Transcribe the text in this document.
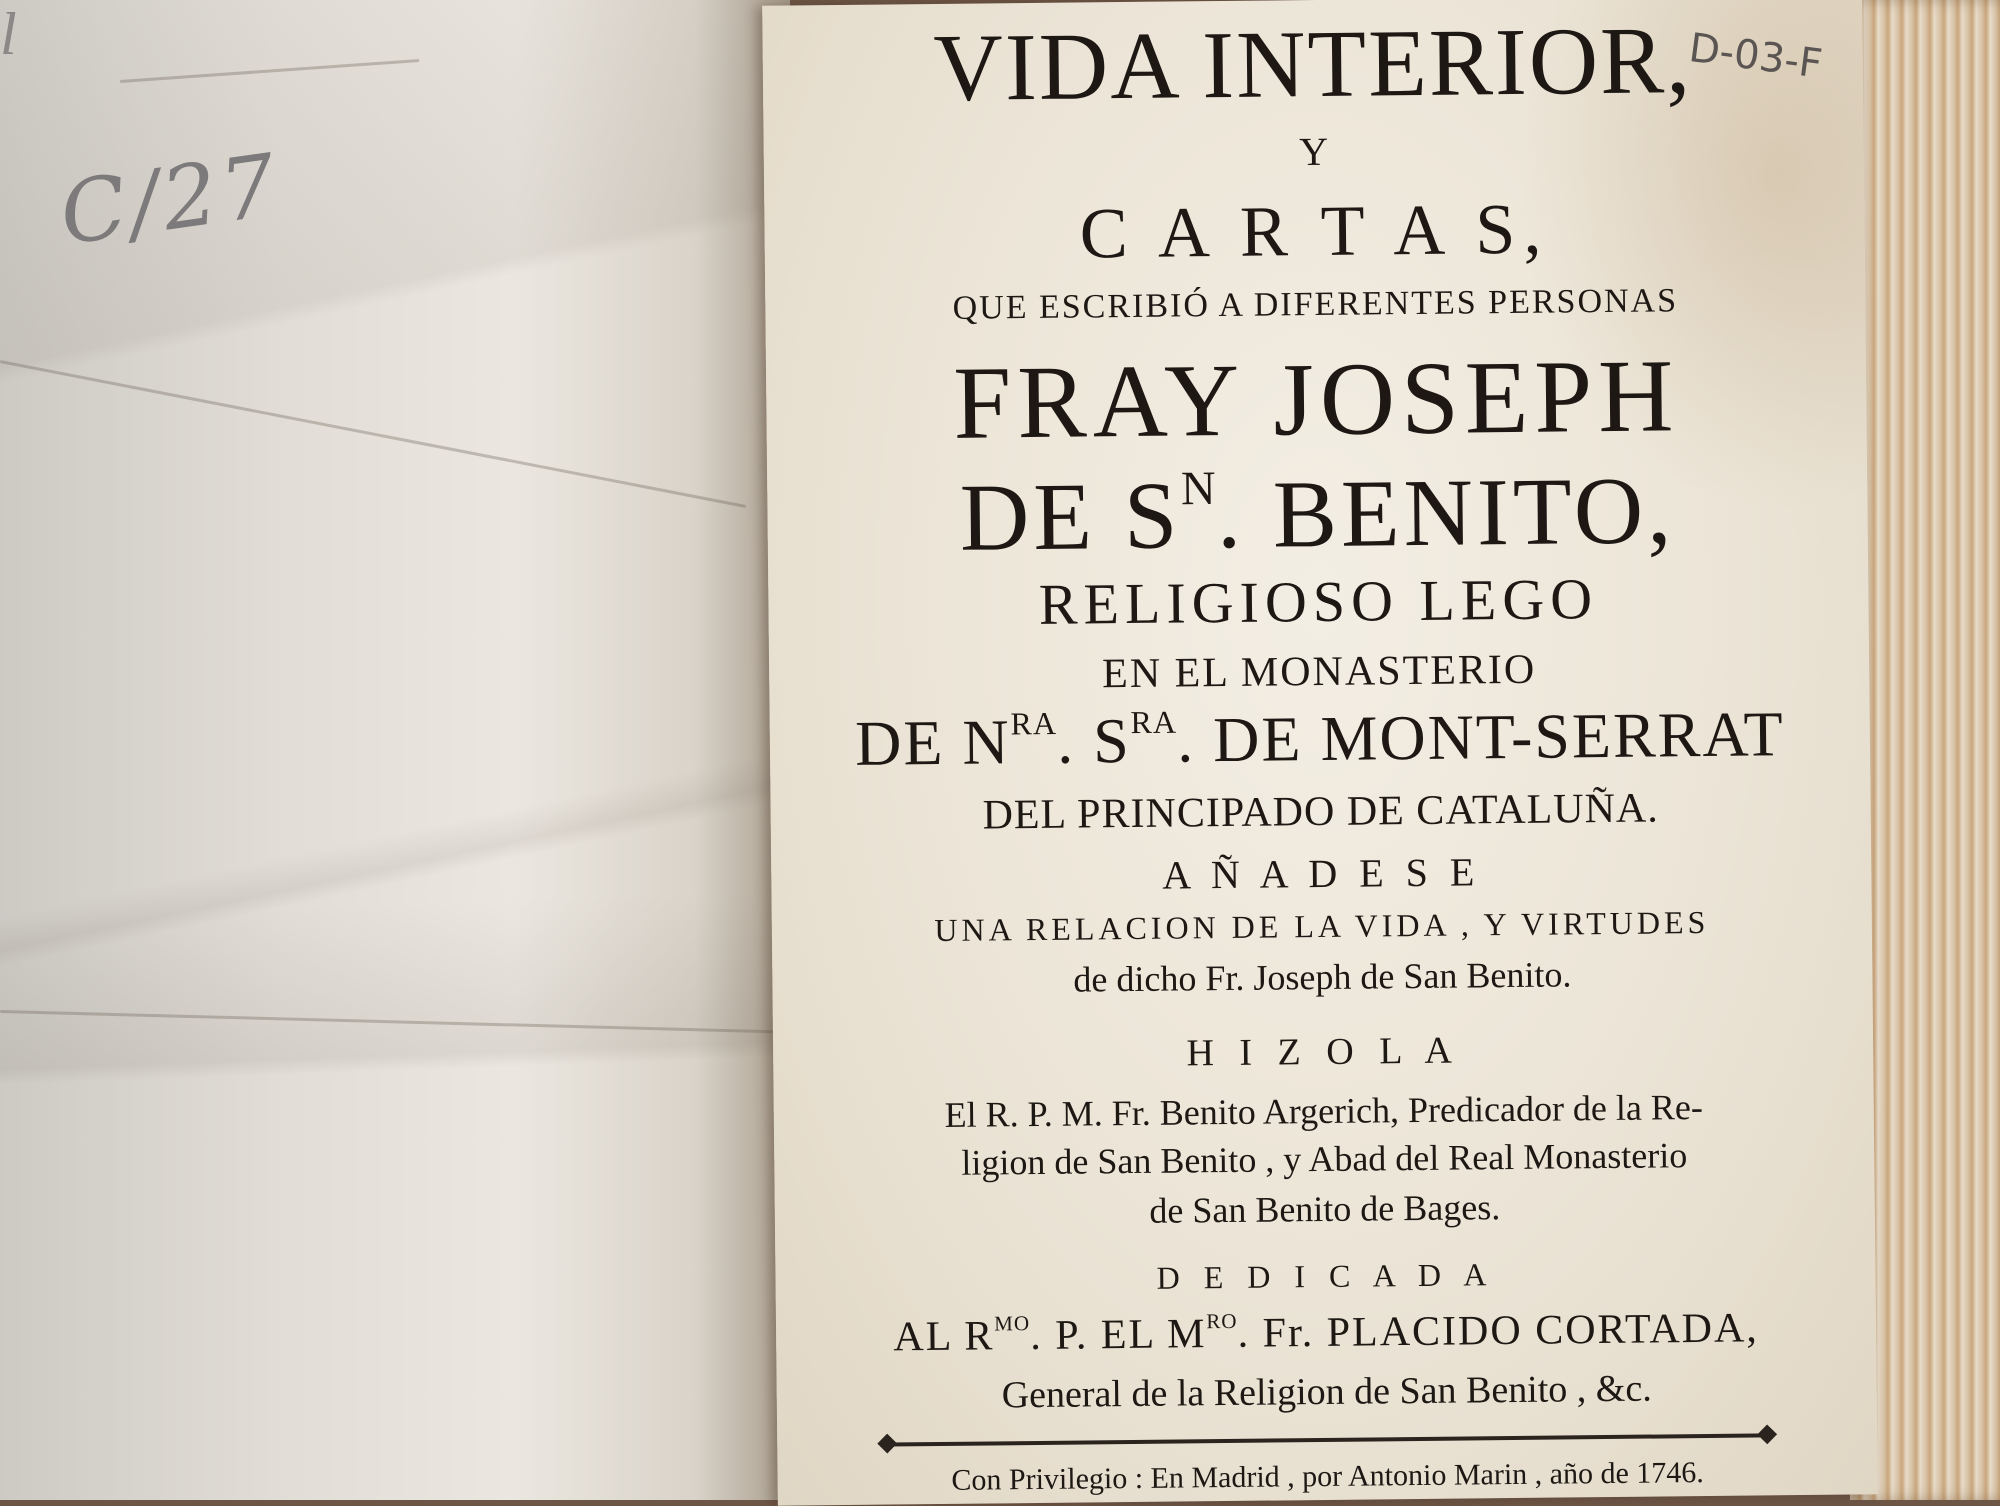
l
C/27
D-03-F
VIDA INTERIOR,
Y
C A R T A S,
QUE ESCRIBIÓ A DIFERENTES PERSONAS
FRAY JOSEPH
DE $S^N$. BENITO,
RELIGIOSO LEGO
EN EL MONASTERIO
DE $N^{RA}$. $S^{RA}$. DE MONT-SERRAT
DEL PRINCIPADO DE CATALUÑA.
A Ñ A D E S E
UNA RELACION DE LA VIDA , Y VIRTUDES
de dicho Fr. Joseph de San Benito.
H I Z O L A
El R. P. M. Fr. Benito Argerich, Predicador de la Re-
ligion de San Benito , y Abad del Real Monasterio
de San Benito de Bages.
D E D I C A D A
AL $R^{MO}$. P. EL $M^{RO}$. Fr. PLACIDO CORTADA,
General de la Religion de San Benito , &c.
Con Privilegio : En Madrid , por Antonio Marin , año de 1746.
